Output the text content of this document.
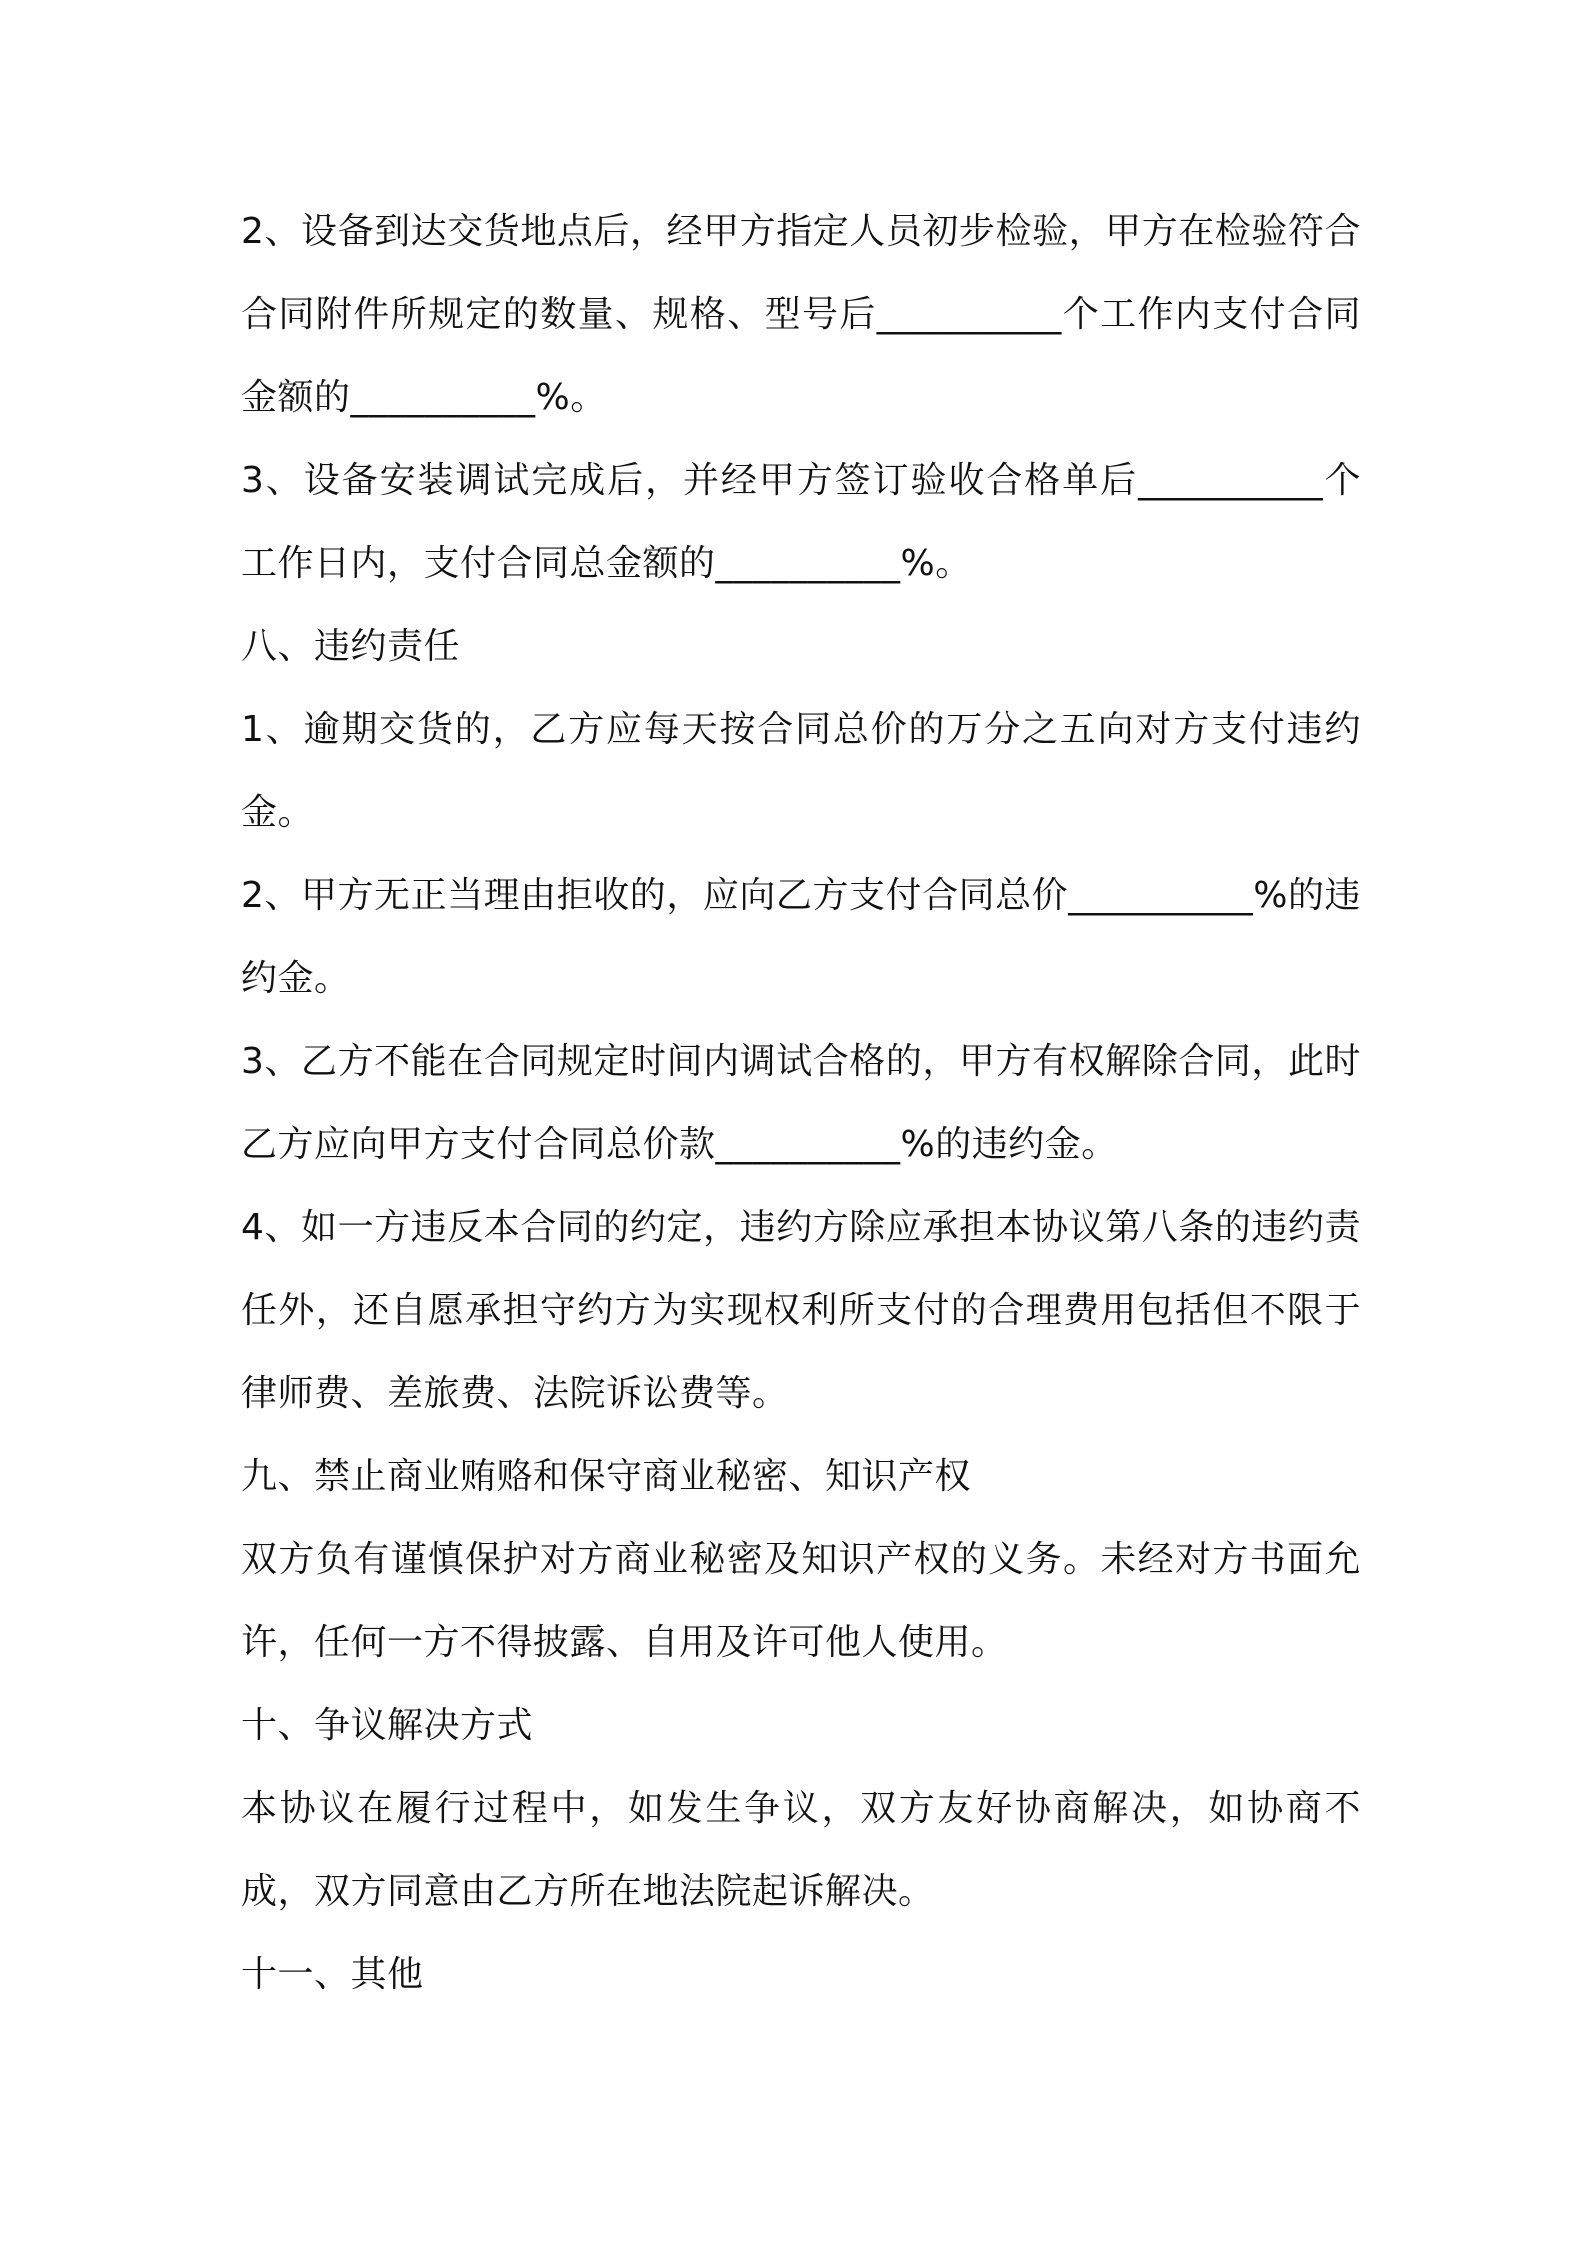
2、设备到达交货地点后，经甲方指定人员初步检验，甲方在检验符合合同附件所规定的数量、规格、型号后__________个工作内支付合同金额的__________%。

3、设备安装调试完成后，并经甲方签订验收合格单后__________个工作日内，支付合同总金额的__________%。

八、违约责任

1、逾期交货的，乙方应每天按合同总价的万分之五向对方支付违约金。

2、甲方无正当理由拒收的，应向乙方支付合同总价__________%的违约金。

3、乙方不能在合同规定时间内调试合格的，甲方有权解除合同，此时乙方应向甲方支付合同总价款__________%的违约金。

4、如一方违反本合同的约定，违约方除应承担本协议第八条的违约责任外，还自愿承担守约方为实现权利所支付的合理费用包括但不限于律师费、差旅费、法院诉讼费等。

九、禁止商业贿赂和保守商业秘密、知识产权

双方负有谨慎保护对方商业秘密及知识产权的义务。未经对方书面允许，任何一方不得披露、自用及许可他人使用。

十、争议解决方式

本协议在履行过程中，如发生争议，双方友好协商解决，如协商不成，双方同意由乙方所在地法院起诉解决。

十一、其他
